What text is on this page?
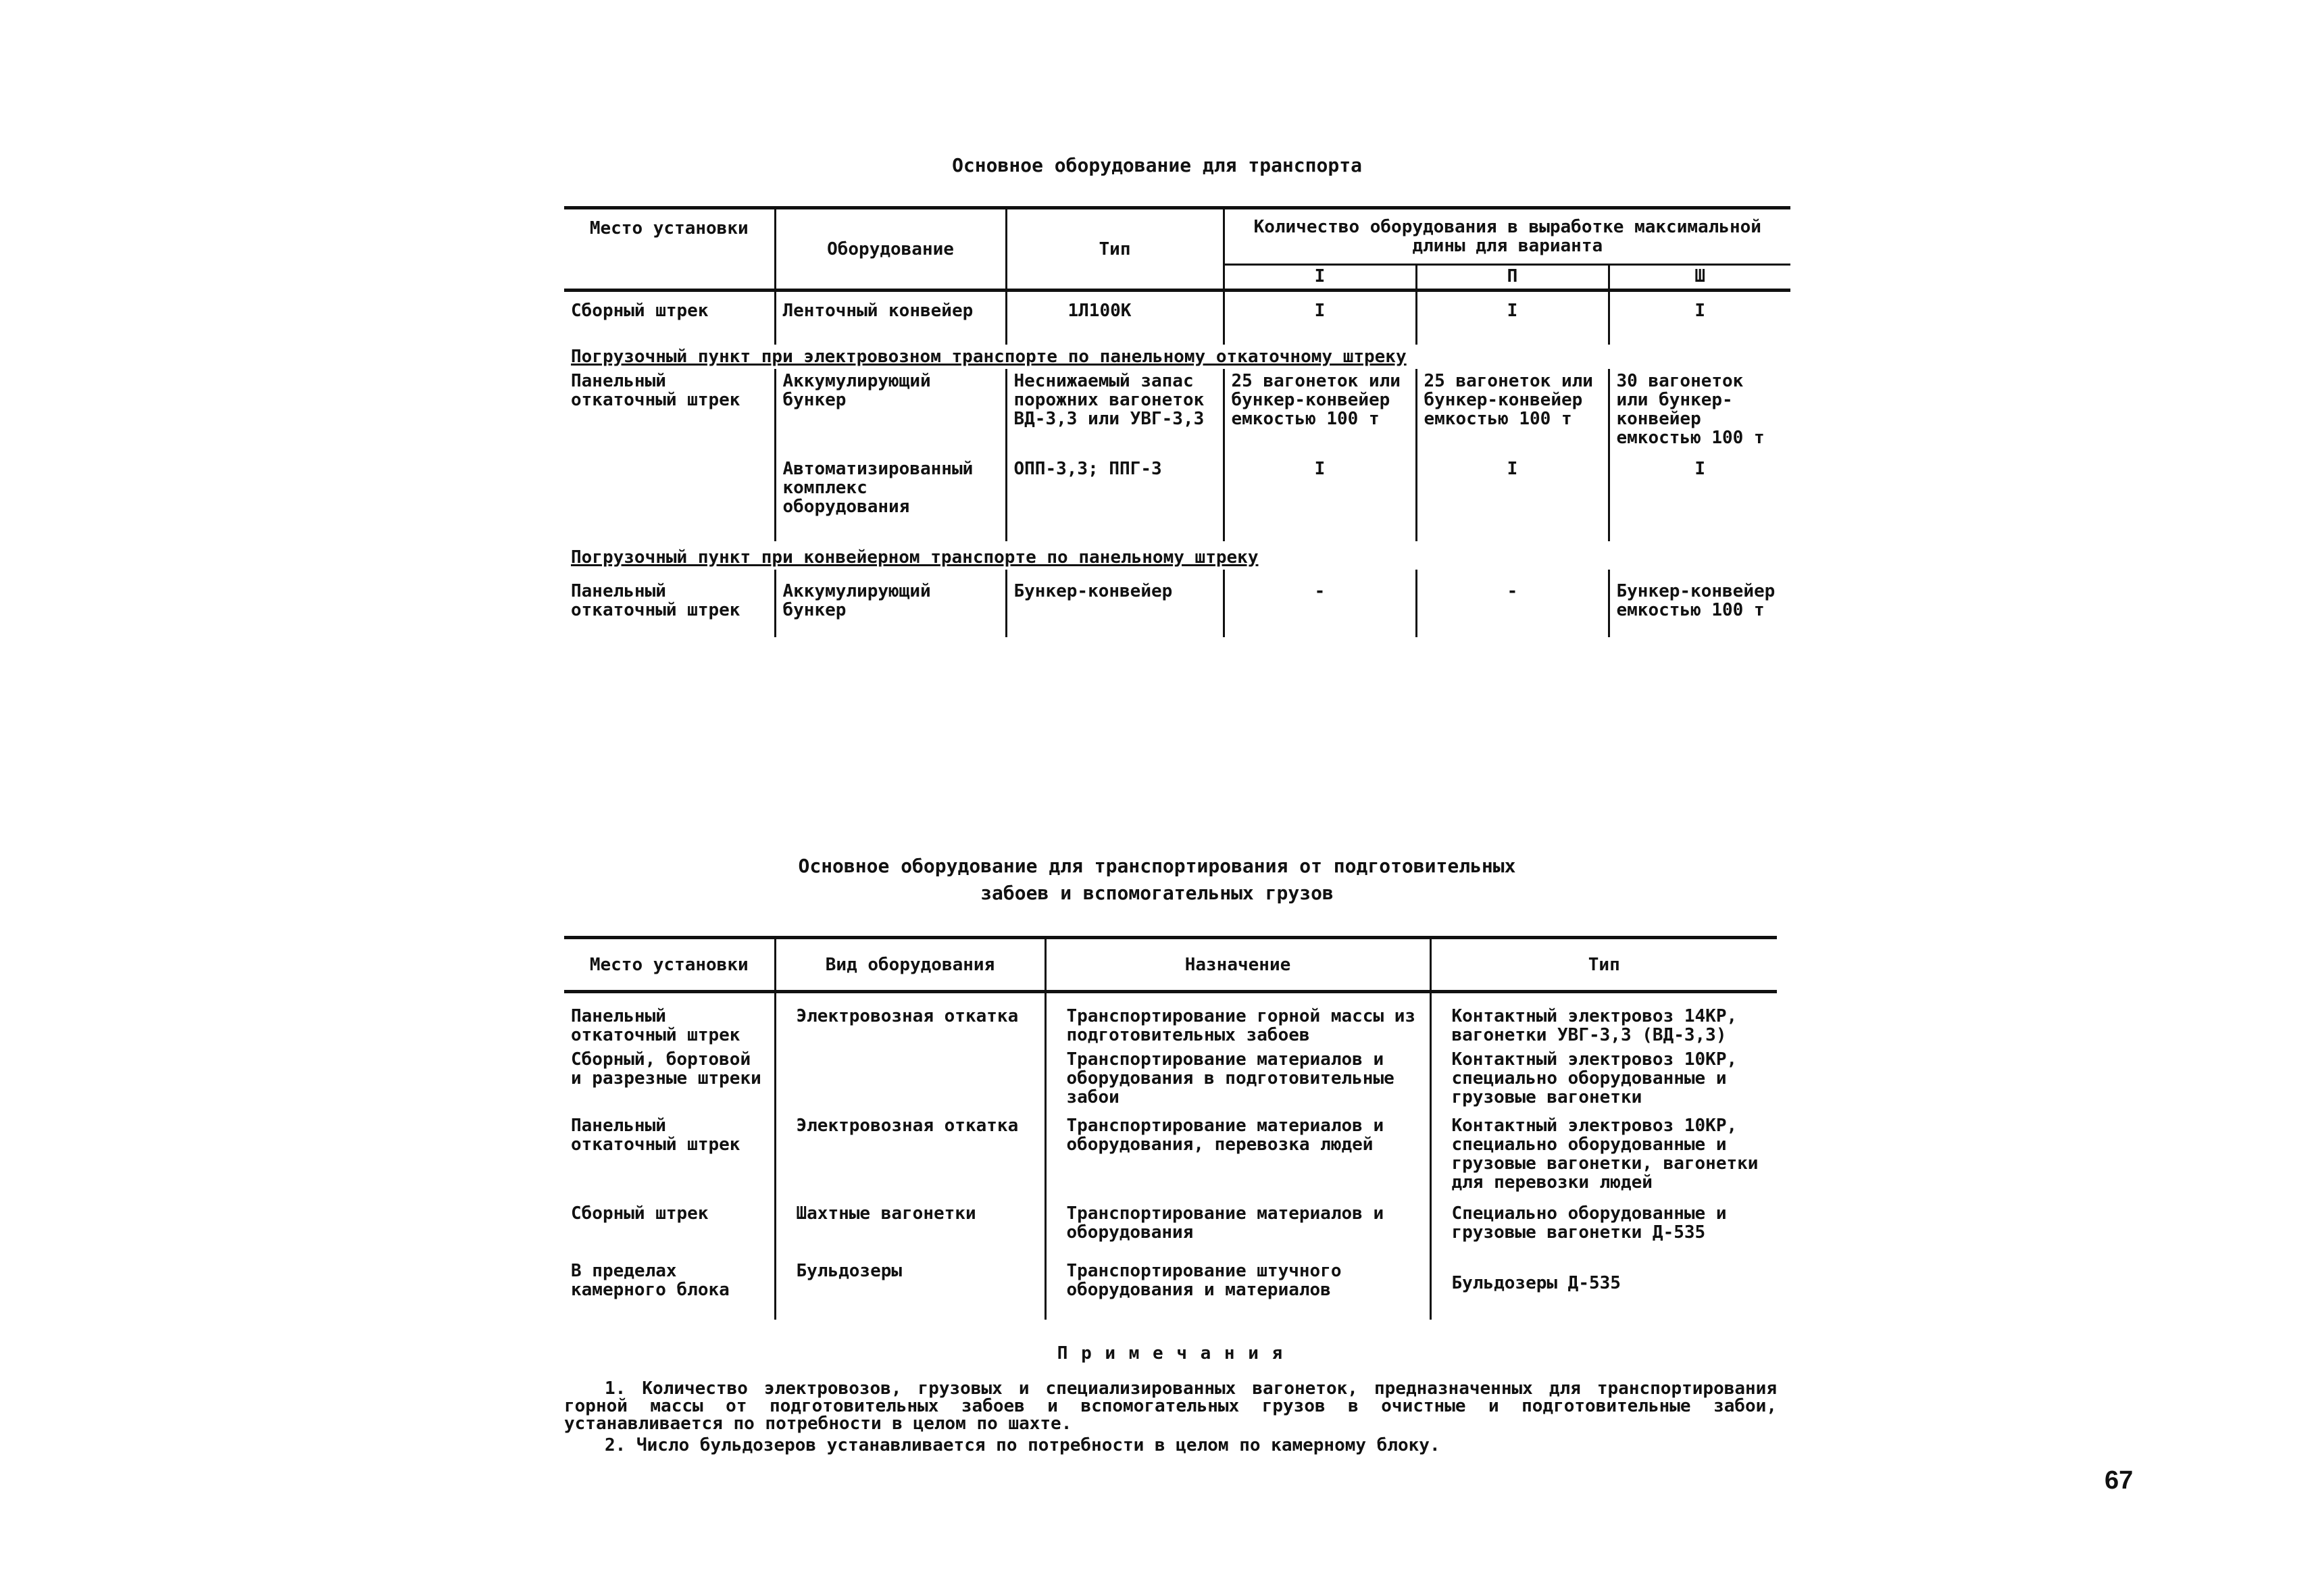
Основное оборудование для транспорта
Место установки	Оборудование	Тип	Количество оборудования в выработке максимальной длины для варианта		
			I	П	Ш
Сборный штрек	Ленточный конвейер	1Л100К	I	I	I
Погрузочный пункт при электровозном транспорте по панельному откаточному штреку					
Панельный откаточный штрек	Аккумулирующий бункер	Неснижаемый запас порожних вагонеток ВД-3,3 или УВГ-3,3	25 вагонеток или бункер-конвейер емкостью 100 т	25 вагонеток или бункер-конвейер емкостью 100 т	30 вагонеток или бункер-конвейер емкостью 100 т
	Автоматизированный комплекс оборудования	ОПП-3,3; ППГ-3	I	I	I
Погрузочный пункт при конвейерном транспорте по панельному штреку					
Панельный откаточный штрек	Аккумулирующий бункер	Бункер-конвейер	-	-	Бункер-конвейер емкостью 100 т
Основное оборудование для транспортирования от подготовительных
забоев и вспомогательных грузов
Место установки	Вид оборудования	Назначение	Тип
Панельный откаточный штрек	Электровозная откатка	Транспортирование горной массы из подготовительных забоев	Контактный электровоз 14КР, вагонетки УВГ-3,3 (ВД-3,3)
Сборный, бортовой и разрезные штреки		Транспортирование материалов и оборудования в подготовительные забои	Контактный электровоз 10КР, специально оборудованные и грузовые вагонетки
Панельный откаточный штрек	Электровозная откатка	Транспортирование материалов и оборудования, перевозка людей	Контактный электровоз 10КР, специально оборудованные и грузовые вагонетки, вагонетки для перевозки людей
Сборный штрек	Шахтные вагонетки	Транспортирование материалов и оборудования	Специально оборудованные и грузовые вагонетки Д-535
В пределах камерного блока	Бульдозеры	Транспортирование штучного оборудования и материалов	Бульдозеры Д-535
П р и м е ч а н и я

1. Количество электровозов, грузовых и специализированных вагонеток, предназначенных для транспортирования горной массы от подготовительных забоев и вспомогательных грузов в очистные и подготовительные забои, устанавливается по потребности в целом по шахте.

2. Число бульдозеров устанавливается по потребности в целом по камерному блоку.

67
